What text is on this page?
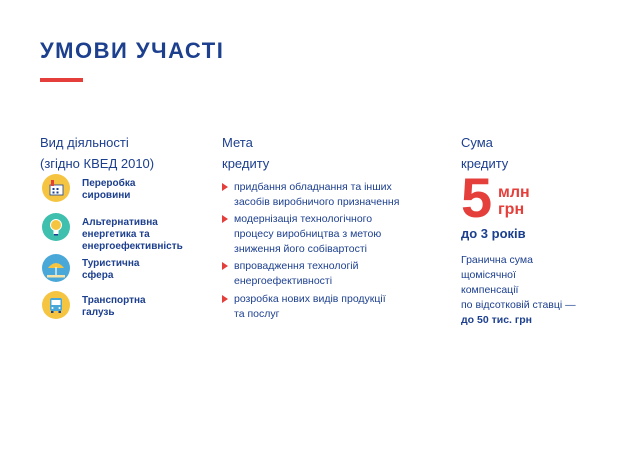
УМОВИ УЧАСТІ
Вид діяльності
(згідно КВЕД 2010)
Мета
кредиту
Сума
кредиту
Переробка
сировини
Альтернативна
енергетика та
енергоефективність
Туристична
сфера
Транспортна
галузь
придбання обладнання та інших
засобів виробничого призначення
модернізація технологічного
процесу виробництва з метою
зниження його собівартості
впровадження технологій
енергоефективності
розробка нових видів продукції
та послуг
5 млн
грн
до 3 років
Гранична сума
щомісячної
компенсації
по відсотковій ставці —
до 50 тис. грн
